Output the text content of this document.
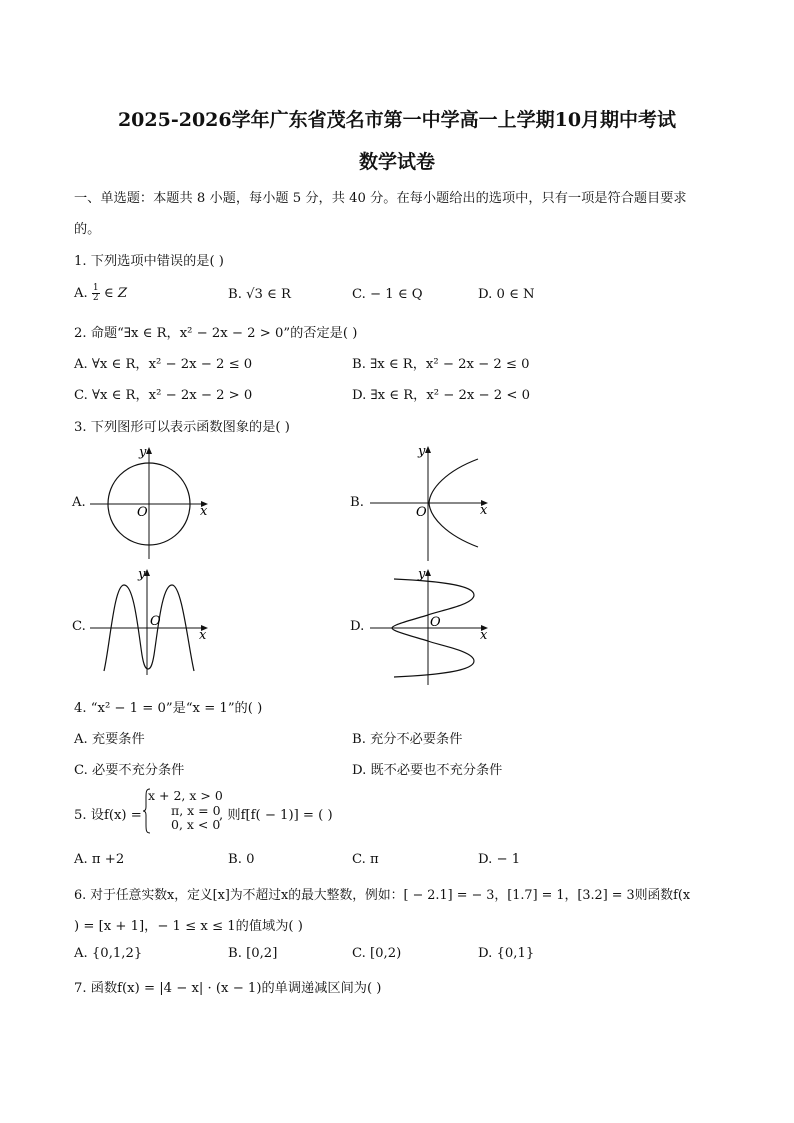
2025-2026学年广东省茂名市第一中学高一上学期10月期中考试
数学试卷
一、单选题：本题共 8 小题，每小题 5 分，共 40 分。在每小题给出的选项中，只有一项是符合题目要求
的。
1. 下列选项中错误的是( )
A. $\frac{1}{2}$ ∈ Z	B. √3 ∈ R	C. − 1 ∈ Q	D. 0 ∈ N
2. 命题“∃x ∈ R，x² − 2x − 2 > 0”的否定是( )
A. ∀x ∈ R，x² − 2x − 2 ≤ 0	B. ∃x ∈ R，x² − 2x − 2 ≤ 0
C. ∀x ∈ R，x² − 2x − 2 > 0	D. ∃x ∈ R，x² − 2x − 2 < 0
3. 下列图形可以表示函数图象的是( )
A.
x
y
O
B.
x
y
O
C.
x
y
O	D.
x
y
O
4. “x² − 1 = 0”是“x = 1”的( )
A. 充要条件	B. 充分不必要条件
C. 必要不充分条件	D. 既不必要也不充分条件
5. 设f(x) =
x + 2, x > 0
π, x = 0
0, x < 0
, 则f[f( − 1)] = ( )
A. π +2	B. 0	C. π	D. − 1
6. 对于任意实数x，定义[x]为不超过x的最大整数，例如：[ − 2.1] = − 3，[1.7] = 1，[3.2] = 3则函数f(x
) = [x + 1]，− 1 ≤ x ≤ 1的值域为( )
A. {0,1,2}	B. [0,2]	C. [0,2)	D. {0,1}
7. 函数f(x) = |4 − x| · (x − 1)的单调递减区间为( )
